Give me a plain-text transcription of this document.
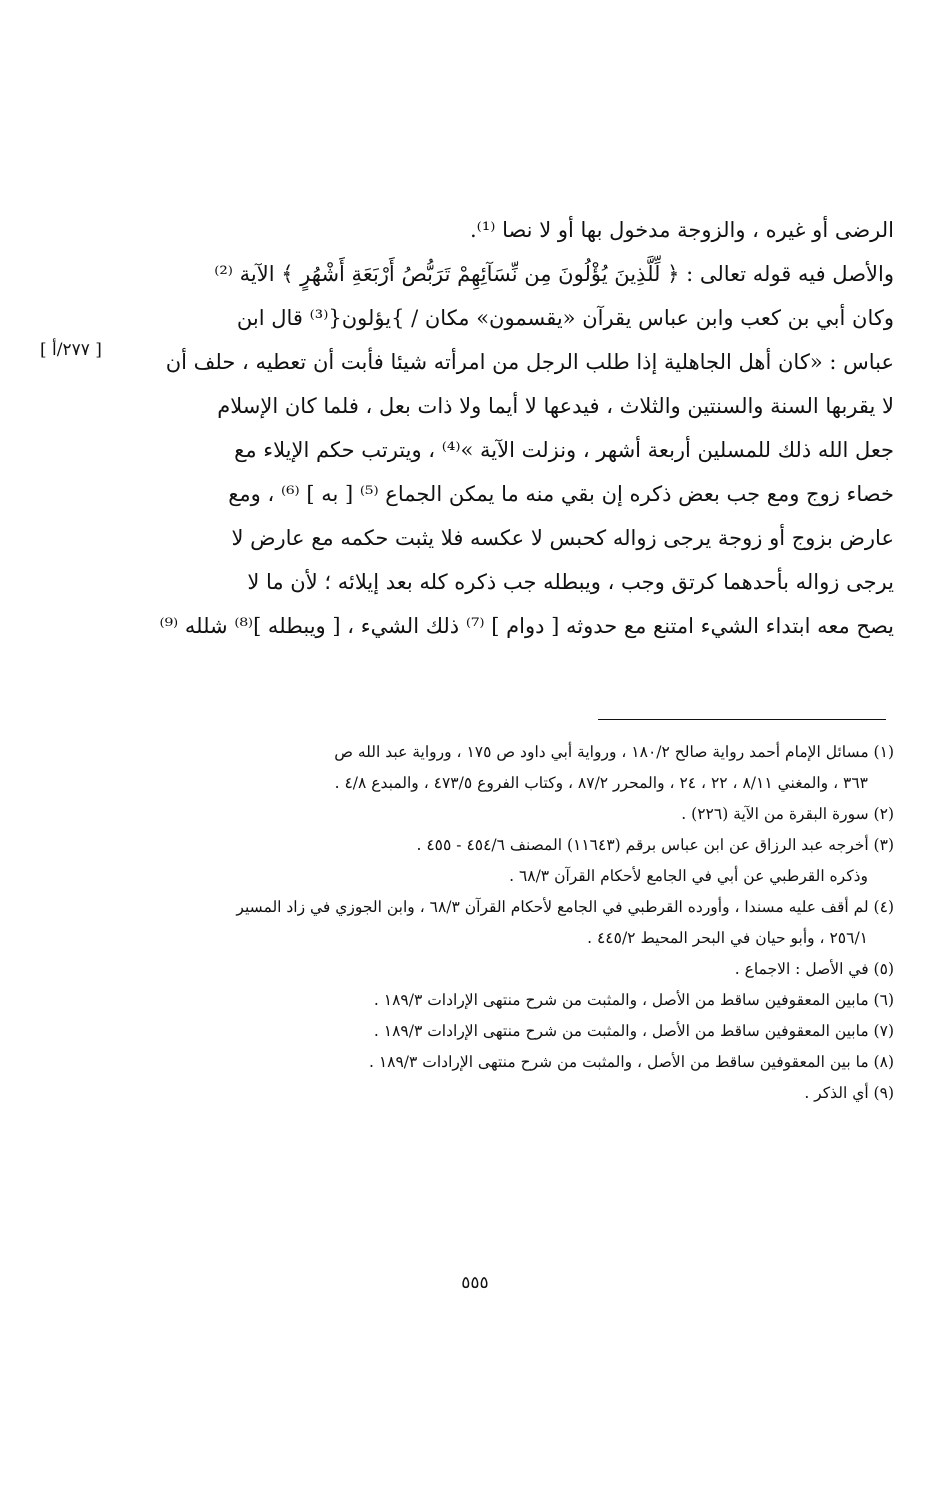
الرضى أو غيره ، والزوجة مدخول بها أو لا نصا ⁽¹⁾.
والأصل فيه قوله تعالى : ﴿ لِّلَّذِينَ يُؤْلُونَ مِن نِّسَآئِهِمْ تَرَبُّصُ أَرْبَعَةِ أَشْهُرٍ ﴾ الآية ⁽²⁾
وكان أبي بن كعب وابن عباس يقرآن «يقسمون» مكان / }يؤلون{⁽³⁾ قال ابن
عباس : «كان أهل الجاهلية إذا طلب الرجل من امرأته شيئا فأبت أن تعطيه ، حلف أن
لا يقربها السنة والسنتين والثلاث ، فيدعها لا أيما ولا ذات بعل ، فلما كان الإسلام
جعل الله ذلك للمسلين أربعة أشهر ، ونزلت الآية »⁽⁴⁾ ، ويترتب حكم الإيلاء مع
خصاء زوج ومع جب بعض ذكره إن بقي منه ما يمكن الجماع ⁽⁵⁾ [ به ] ⁽⁶⁾ ، ومع
عارض بزوج أو زوجة يرجى زواله كحبس لا عكسه فلا يثبت حكمه مع عارض لا
يرجى زواله بأحدهما كرتق وجب ، ويبطله جب ذكره كله بعد إيلائه ؛ لأن ما لا
يصح معه ابتداء الشيء امتنع مع حدوثه [ دوام ] ⁽⁷⁾ ذلك الشيء ، [ ويبطله ]⁽⁸⁾ شلله ⁽⁹⁾
[ ٢٧٧/أ ]
(١) مسائل الإمام أحمد رواية صالح ١٨٠/٢ ، ورواية أبي داود ص ١٧٥ ، ورواية عبد الله ص
٣٦٣ ، والمغني ٨/١١ ، ٢٢ ، ٢٤ ، والمحرر ٨٧/٢ ، وكتاب الفروع ٤٧٣/٥ ، والمبدع ٤/٨ .
(٢) سورة البقرة من الآية (٢٢٦) .
(٣) أخرجه عبد الرزاق عن ابن عباس برقم (١١٦٤٣) المصنف ٤٥٤/٦ - ٤٥٥ .
وذكره القرطبي عن أبي في الجامع لأحكام القرآن ٦٨/٣ .
(٤) لم أقف عليه مسندا ، وأورده القرطبي في الجامع لأحكام القرآن ٦٨/٣ ، وابن الجوزي في زاد المسير
٢٥٦/١ ، وأبو حيان في البحر المحيط ٤٤٥/٢ .
(٥) في الأصل : الاجماع .
(٦) مابين المعقوفين ساقط من الأصل ، والمثبت من شرح منتهى الإرادات ١٨٩/٣ .
(٧) مابين المعقوفين ساقط من الأصل ، والمثبت من شرح منتهى الإرادات ١٨٩/٣ .
(٨) ما بين المعقوفين ساقط من الأصل ، والمثبت من شرح منتهى الإرادات ١٨٩/٣ .
(٩) أي الذكر .
٥٥٥
